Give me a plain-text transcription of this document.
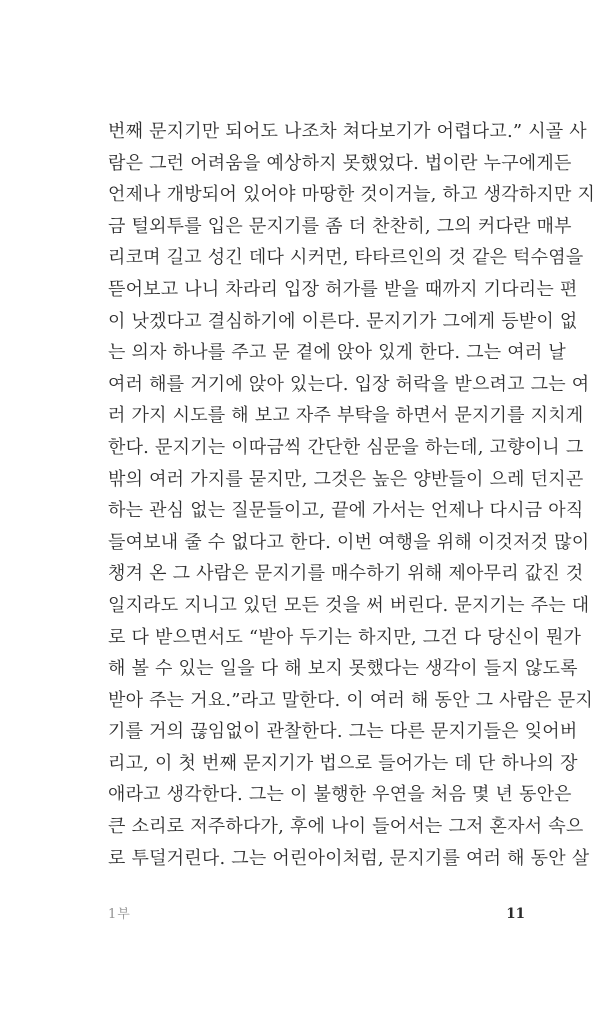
번째 문지기만 되어도 나조차 쳐다보기가 어렵다고.” 시골 사
람은 그런 어려움을 예상하지 못했었다. 법이란 누구에게든
언제나 개방되어 있어야 마땅한 것이거늘, 하고 생각하지만 지
금 털외투를 입은 문지기를 좀 더 찬찬히, 그의 커다란 매부
리코며 길고 성긴 데다 시커먼, 타타르인의 것 같은 턱수염을
뜯어보고 나니 차라리 입장 허가를 받을 때까지 기다리는 편
이 낫겠다고 결심하기에 이른다. 문지기가 그에게 등받이 없
는 의자 하나를 주고 문 곁에 앉아 있게 한다. 그는 여러 날
여러 해를 거기에 앉아 있는다. 입장 허락을 받으려고 그는 여
러 가지 시도를 해 보고 자주 부탁을 하면서 문지기를 지치게
한다. 문지기는 이따금씩 간단한 심문을 하는데, 고향이니 그
밖의 여러 가지를 묻지만, 그것은 높은 양반들이 으레 던지곤
하는 관심 없는 질문들이고, 끝에 가서는 언제나 다시금 아직
들여보내 줄 수 없다고 한다. 이번 여행을 위해 이것저것 많이
챙겨 온 그 사람은 문지기를 매수하기 위해 제아무리 값진 것
일지라도 지니고 있던 모든 것을 써 버린다. 문지기는 주는 대
로 다 받으면서도 “받아 두기는 하지만, 그건 다 당신이 뭔가
해 볼 수 있는 일을 다 해 보지 못했다는 생각이 들지 않도록
받아 주는 거요.”라고 말한다. 이 여러 해 동안 그 사람은 문지
기를 거의 끊임없이 관찰한다. 그는 다른 문지기들은 잊어버
리고, 이 첫 번째 문지기가 법으로 들어가는 데 단 하나의 장
애라고 생각한다. 그는 이 불행한 우연을 처음 몇 년 동안은
큰 소리로 저주하다가, 후에 나이 들어서는 그저 혼자서 속으
로 투덜거린다. 그는 어린아이처럼, 문지기를 여러 해 동안 살
1부	11
